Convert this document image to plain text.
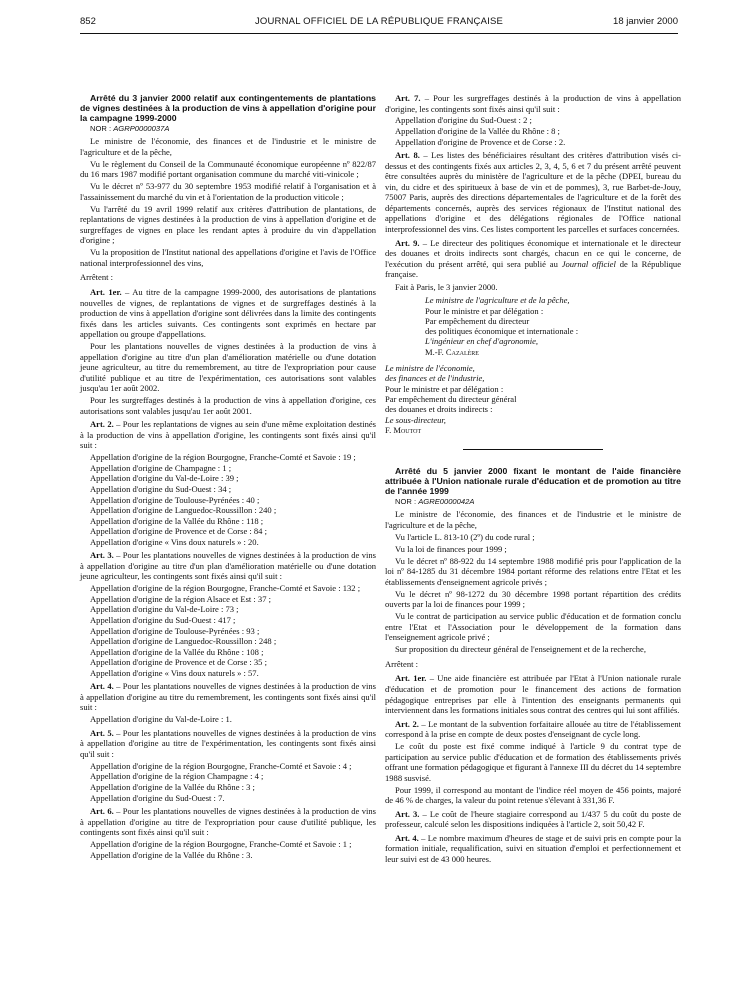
852	JOURNAL OFFICIEL DE LA RÉPUBLIQUE FRANÇAISE	18 janvier 2000

Arrêté du 3 janvier 2000 relatif aux contingentements de plantations de vignes destinées à la production de vins à appellation d'origine pour la campagne 1999-2000

NOR : AGRP0000037A

Le ministre de l'économie, des finances et de l'industrie et le ministre de l'agriculture et de la pêche,

Vu le règlement du Conseil de la Communauté économique européenne nº 822/87 du 16 mars 1987 modifié portant organisation commune du marché viti-vinicole ;

Vu le décret nº 53-977 du 30 septembre 1953 modifié relatif à l'organisation et à l'assainissement du marché du vin et à l'orientation de la production viticole ;

Vu l'arrêté du 19 avril 1999 relatif aux critères d'attribution de plantations, de replantations de vignes destinées à la production de vins à appellation d'origine et de surgreffages de vignes en place les rendant aptes à produire du vin d'appellation d'origine ;

Vu la proposition de l'Institut national des appellations d'origine et l'avis de l'Office national interprofessionnel des vins,

Arrêtent :

Art. 1er. – Au titre de la campagne 1999-2000, des autorisations de plantations nouvelles de vignes, de replantations de vignes et de surgreffages destinés à la production de vins à appellation d'origine sont délivrées dans la limite des contingents fixés dans les articles suivants. Ces contingents sont exprimés en hectare par appellation ou groupe d'appellations.

Pour les plantations nouvelles de vignes destinées à la production de vins à appellation d'origine au titre d'un plan d'amélioration matérielle ou d'une dotation jeune agriculteur, au titre du remembrement, au titre de l'expropriation pour cause d'utilité publique et au titre de l'expérimentation, ces autorisations sont valables jusqu'au 1er août 2002.

Pour les surgreffages destinés à la production de vins à appellation d'origine, ces autorisations sont valables jusqu'au 1er août 2001.

Art. 2. – Pour les replantations de vignes au sein d'une même exploitation destinés à la production de vins à appellation d'origine, les contingents sont fixés ainsi qu'il suit :

Appellation d'origine de la région Bourgogne, Franche-Comté et Savoie : 19 ;

Appellation d'origine de Champagne : 1 ;

Appellation d'origine du Val-de-Loire : 39 ;

Appellation d'origine du Sud-Ouest : 34 ;

Appellation d'origine de Toulouse-Pyrénées : 40 ;

Appellation d'origine de Languedoc-Roussillon : 240 ;

Appellation d'origine de la Vallée du Rhône : 118 ;

Appellation d'origine de Provence et de Corse : 84 ;

Appellation d'origine « Vins doux naturels » : 20.

Art. 3. – Pour les plantations nouvelles de vignes destinées à la production de vins à appellation d'origine au titre d'un plan d'amélioration matérielle ou d'une dotation jeune agriculteur, les contingents sont fixés ainsi qu'il suit :

Appellation d'origine de la région Bourgogne, Franche-Comté et Savoie : 132 ;

Appellation d'origine de la région Alsace et Est : 37 ;

Appellation d'origine du Val-de-Loire : 73 ;

Appellation d'origine du Sud-Ouest : 417 ;

Appellation d'origine de Toulouse-Pyrénées : 93 ;

Appellation d'origine de Languedoc-Roussillon : 248 ;

Appellation d'origine de la Vallée du Rhône : 108 ;

Appellation d'origine de Provence et de Corse : 35 ;

Appellation d'origine « Vins doux naturels » : 57.

Art. 4. – Pour les plantations nouvelles de vignes destinées à la production de vins à appellation d'origine au titre du remembrement, les contingents sont fixés ainsi qu'il suit :

Appellation d'origine du Val-de-Loire : 1.

Art. 5. – Pour les plantations nouvelles de vignes destinées à la production de vins à appellation d'origine au titre de l'expérimentation, les contingents sont fixés ainsi qu'il suit :

Appellation d'origine de la région Bourgogne, Franche-Comté et Savoie : 4 ;

Appellation d'origine de la région Champagne : 4 ;

Appellation d'origine de la Vallée du Rhône : 3 ;

Appellation d'origine du Sud-Ouest : 7.

Art. 6. – Pour les plantations nouvelles de vignes destinées à la production de vins à appellation d'origine au titre de l'expropriation pour cause d'utilité publique, les contingents sont fixés ainsi qu'il suit :

Appellation d'origine de la région Bourgogne, Franche-Comté et Savoie : 1 ;

Appellation d'origine de la Vallée du Rhône : 3.

Art. 7. – Pour les surgreffages destinés à la production de vins à appellation d'origine, les contingents sont fixés ainsi qu'il suit :

Appellation d'origine du Sud-Ouest : 2 ;

Appellation d'origine de la Vallée du Rhône : 8 ;

Appellation d'origine de Provence et de Corse : 2.

Art. 8. – Les listes des bénéficiaires résultant des critères d'attribution visés ci-dessus et des contingents fixés aux articles 2, 3, 4, 5, 6 et 7 du présent arrêté peuvent être consultées auprès du ministère de l'agriculture et de la pêche (DPEI, bureau du vin, du cidre et des spiritueux à base de vin et de pommes), 3, rue Barbet-de-Jouy, 75007 Paris, auprès des directions départementales de l'agriculture et de la forêt des départements concernés, auprès des services régionaux de l'Institut national des appellations d'origine et des délégations régionales de l'Office national interprofessionnel des vins. Ces listes comportent les parcelles et surfaces concernées.

Art. 9. – Le directeur des politiques économique et internationale et le directeur des douanes et droits indirects sont chargés, chacun en ce qui le concerne, de l'exécution du présent arrêté, qui sera publié au Journal officiel de la République française.

Fait à Paris, le 3 janvier 2000.

Le ministre de l'agriculture et de la pêche,

Pour le ministre et par délégation :

Par empêchement du directeur

des politiques économique et internationale :

L'ingénieur en chef d'agronomie,

M.-F. Cazalère

Le ministre de l'économie,

des finances et de l'industrie,

Pour le ministre et par délégation :

Par empêchement du directeur général

des douanes et droits indirects :

Le sous-directeur,

F. Moutot

Arrêté du 5 janvier 2000 fixant le montant de l'aide financière attribuée à l'Union nationale rurale d'éducation et de promotion au titre de l'année 1999

NOR : AGRE0000042A

Le ministre de l'économie, des finances et de l'industrie et le ministre de l'agriculture et de la pêche,

Vu l'article L. 813-10 (2º) du code rural ;

Vu la loi de finances pour 1999 ;

Vu le décret nº 88-922 du 14 septembre 1988 modifié pris pour l'application de la loi nº 84-1285 du 31 décembre 1984 portant réforme des relations entre l'Etat et les établissements d'enseignement agricole privés ;

Vu le décret nº 98-1272 du 30 décembre 1998 portant répartition des crédits ouverts par la loi de finances pour 1999 ;

Vu le contrat de participation au service public d'éducation et de formation conclu entre l'Etat et l'Association pour le développement de la formation dans l'enseignement agricole privé ;

Sur proposition du directeur général de l'enseignement et de la recherche,

Arrêtent :

Art. 1er. – Une aide financière est attribuée par l'Etat à l'Union nationale rurale d'éducation et de promotion pour le financement des actions de formation pédagogique entreprises par elle à l'intention des enseignants permanents qui interviennent dans les formations initiales sous contrat des centres qui lui sont affiliés.

Art. 2. – Le montant de la subvention forfaitaire allouée au titre de l'établissement correspond à la prise en compte de deux postes d'enseignant de cycle long.

Le coût du poste est fixé comme indiqué à l'article 9 du contrat type de participation au service public d'éducation et de formation des établissements privés offrant une formation pédagogique et figurant à l'annexe III du décret du 14 septembre 1988 susvisé.

Pour 1999, il correspond au montant de l'indice réel moyen de 456 points, majoré de 46 % de charges, la valeur du point retenue s'élevant à 331,36 F.

Art. 3. – Le coût de l'heure stagiaire correspond au 1/437 5 du coût du poste de professeur, calculé selon les dispositions indiquées à l'article 2, soit 50,42 F.

Art. 4. – Le nombre maximum d'heures de stage et de suivi pris en compte pour la formation initiale, requalification, suivi en situation d'emploi et perfectionnement et leur suivi est de 43 000 heures.
